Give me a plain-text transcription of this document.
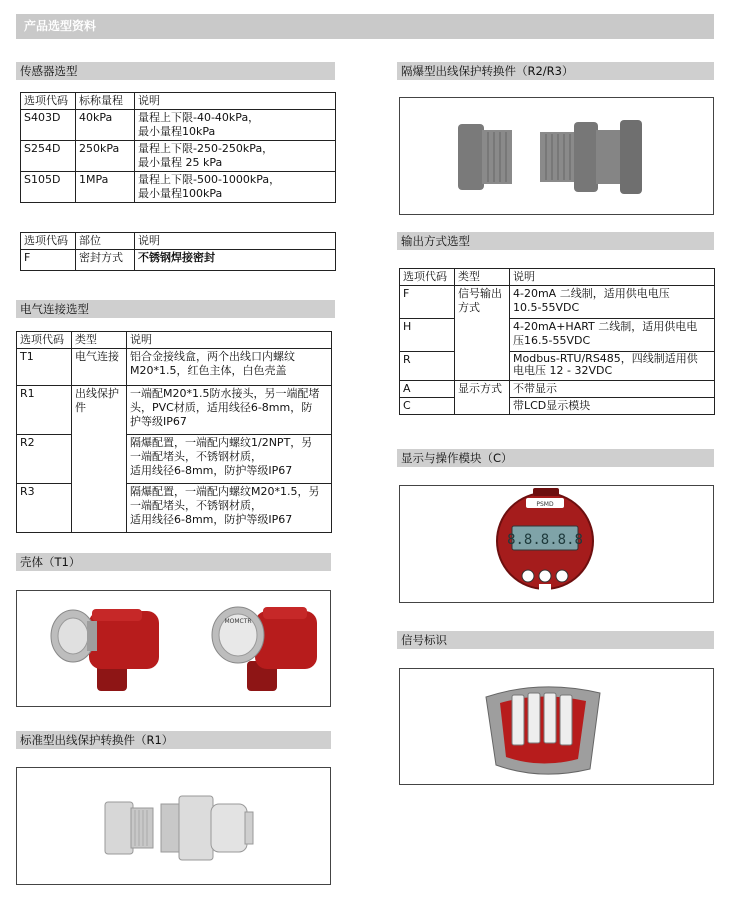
产品选型资料
传感器选型
选项代码	标称量程	说明
S403D	40kPa	量程上下限-40-40kPa，
最小量程10kPa

S254D	250kPa	量程上下限-250-250kPa，
最小量程 25 kPa

S105D	1MPa	量程上下限-500-1000kPa，
最小量程100kPa
选项代码	部位	说明
F	密封方式	不锈钢焊接密封
电气连接选型
选项代码	类型	说明
T1	电气连接	铝合金接线盒，两个出线口内螺纹
M20*1.5，红色主体，白色壳盖

R1	出线保护件	一端配M20*1.5防水接头，另一端配堵
头，PVC材质，适用线径6-8mm，防
护等级IP67

R2		隔爆配置，一端配内螺纹1/2NPT，另
一端配堵头，不锈钢材质，
适用线径6-8mm，防护等级IP67

R3		隔爆配置，一端配内螺纹M20*1.5，另
一端配堵头，不锈钢材质，
适用线径6-8mm，防护等级IP67
壳体（T1）
MOMCTR
标准型出线保护转换件（R1）
隔爆型出线保护转换件（R2/R3）
输出方式选型
选项代码	类型	说明
F	信号输出方式	4-20mA 二线制，适用供电电压
10.5-55VDC

H		4-20mA+HART 二线制，适用供电电
压16.5-55VDC

R		Modbus-RTU/RS485，四线制适用供
电电压 12 - 32VDC

A	显示方式	不带显示
C		带LCD显示模块
显示与操作模块（C）
PSMD
8.8.8.8.8
信号标识
